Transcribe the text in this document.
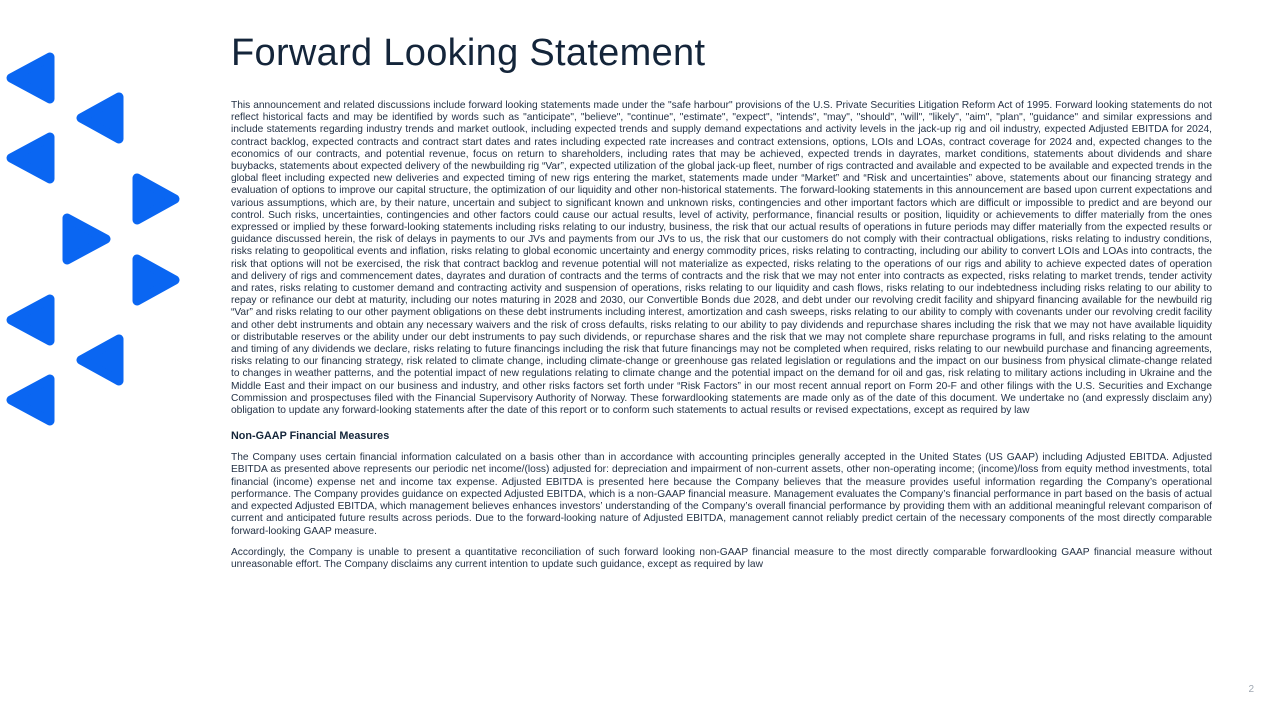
Forward Looking Statement

This announcement and related discussions include forward looking statements made under the "safe harbour" provisions of the U.S. Private Securities Litigation Reform Act of 1995. Forward looking statements do not reflect historical facts and may be identified by words such as "anticipate", "believe", "continue", "estimate", "expect", "intends", "may", "should", "will", "likely", "aim", "plan", "guidance" and similar expressions and include statements regarding industry trends and market outlook, including expected trends and supply demand expectations and activity levels in the jack-up rig and oil industry, expected Adjusted EBITDA for 2024, contract backlog, expected contracts and contract start dates and rates including expected rate increases and contract extensions, options, LOIs and LOAs, contract coverage for 2024 and, expected changes to the economics of our contracts, and potential revenue, focus on return to shareholders, including rates that may be achieved, expected trends in dayrates, market conditions, statements about dividends and share buybacks, statements about expected delivery of the newbuilding rig “Var”, expected utilization of the global jack-up fleet, number of rigs contracted and available and expected to be available and expected trends in the global fleet including expected new deliveries and expected timing of new rigs entering the market, statements made under “Market” and “Risk and uncertainties” above, statements about our financing strategy and evaluation of options to improve our capital structure, the optimization of our liquidity and other non-historical statements. The forward-looking statements in this announcement are based upon current expectations and various assumptions, which are, by their nature, uncertain and subject to significant known and unknown risks, contingencies and other important factors which are difficult or impossible to predict and are beyond our control. Such risks, uncertainties, contingencies and other factors could cause our actual results, level of activity, performance, financial results or position, liquidity or achievements to differ materially from the ones expressed or implied by these forward-looking statements including risks relating to our industry, business, the risk that our actual results of operations in future periods may differ materially from the expected results or guidance discussed herein, the risk of delays in payments to our JVs and payments from our JVs to us, the risk that our customers do not comply with their contractual obligations, risks relating to industry conditions, risks relating to geopolitical events and inflation, risks relating to global economic uncertainty and energy commodity prices, risks relating to contracting, including our ability to convert LOIs and LOAs into contracts, the risk that options will not be exercised, the risk that contract backlog and revenue potential will not materialize as expected, risks relating to the operations of our rigs and ability to achieve expected dates of operation and delivery of rigs and commencement dates, dayrates and duration of contracts and the terms of contracts and the risk that we may not enter into contracts as expected, risks relating to market trends, tender activity and rates, risks relating to customer demand and contracting activity and suspension of operations, risks relating to our liquidity and cash flows, risks relating to our indebtedness including risks relating to our ability to repay or refinance our debt at maturity, including our notes maturing in 2028 and 2030, our Convertible Bonds due 2028, and debt under our revolving credit facility and shipyard financing available for the newbuild rig “Var” and risks relating to our other payment obligations on these debt instruments including interest, amortization and cash sweeps, risks relating to our ability to comply with covenants under our revolving credit facility and other debt instruments and obtain any necessary waivers and the risk of cross defaults, risks relating to our ability to pay dividends and repurchase shares including the risk that we may not have available liquidity or distributable reserves or the ability under our debt instruments to pay such dividends, or repurchase shares and the risk that we may not complete share repurchase programs in full, and risks relating to the amount and timing of any dividends we declare, risks relating to future financings including the risk that future financings may not be completed when required, risks relating to our newbuild purchase and financing agreements, risks relating to our financing strategy, risk related to climate change, including climate-change or greenhouse gas related legislation or regulations and the impact on our business from physical climate-change related to changes in weather patterns, and the potential impact of new regulations relating to climate change and the potential impact on the demand for oil and gas, risk relating to military actions including in Ukraine and the Middle East and their impact on our business and industry, and other risks factors set forth under “Risk Factors” in our most recent annual report on Form 20-F and other filings with the U.S. Securities and Exchange Commission and prospectuses filed with the Financial Supervisory Authority of Norway. These forwardlooking statements are made only as of the date of this document. We undertake no (and expressly disclaim any) obligation to update any forward-looking statements after the date of this report or to conform such statements to actual results or revised expectations, except as required by law

Non-GAAP Financial Measures

The Company uses certain financial information calculated on a basis other than in accordance with accounting principles generally accepted in the United States (US GAAP) including Adjusted EBITDA. Adjusted EBITDA as presented above represents our periodic net income/(loss) adjusted for: depreciation and impairment of non-current assets, other non-operating income; (income)/loss from equity method investments, total financial (income) expense net and income tax expense. Adjusted EBITDA is presented here because the Company believes that the measure provides useful information regarding the Company’s operational performance. The Company provides guidance on expected Adjusted EBITDA, which is a non-GAAP financial measure. Management evaluates the Company’s financial performance in part based on the basis of actual and expected Adjusted EBITDA, which management believes enhances investors’ understanding of the Company’s overall financial performance by providing them with an additional meaningful relevant comparison of current and anticipated future results across periods. Due to the forward-looking nature of Adjusted EBITDA, management cannot reliably predict certain of the necessary components of the most directly comparable forward-looking GAAP measure.

Accordingly, the Company is unable to present a quantitative reconciliation of such forward looking non-GAAP financial measure to the most directly comparable forwardlooking GAAP financial measure without unreasonable effort. The Company disclaims any current intention to update such guidance, except as required by law

2
